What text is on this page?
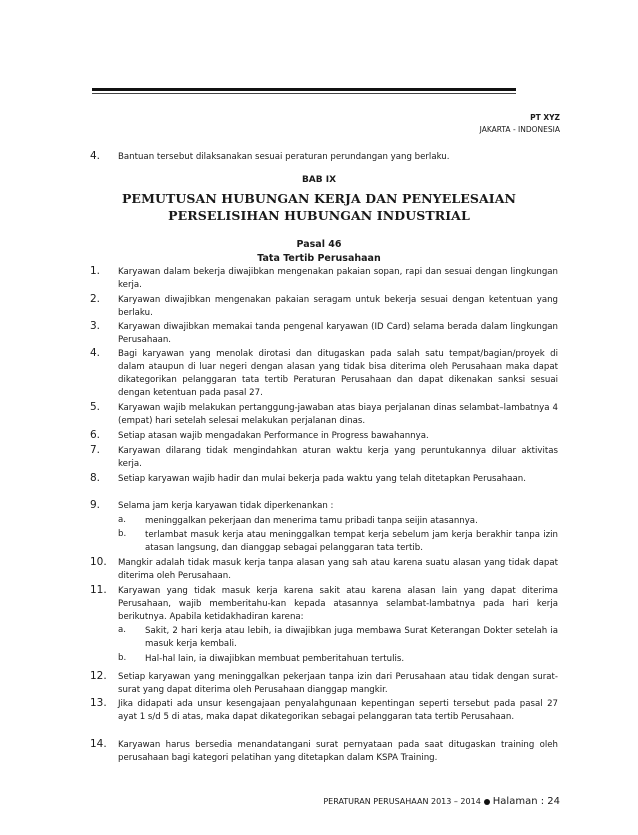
PT XYZ
JAKARTA - INDONESIA
4. Bantuan tersebut dilaksanakan sesuai peraturan perundangan yang berlaku.
BAB IX
PEMUTUSAN HUBUNGAN KERJA DAN PENYELESAIAN
PERSELISIHAN HUBUNGAN INDUSTRIAL
Pasal 46
Tata Tertib Perusahaan
1. Karyawan dalam bekerja diwajibkan mengenakan pakaian sopan, rapi dan sesuai dengan lingkungan kerja.
2. Karyawan diwajibkan mengenakan pakaian seragam untuk bekerja sesuai dengan ketentuan yang berlaku.
3. Karyawan diwajibkan memakai tanda pengenal karyawan (ID Card) selama berada dalam lingkungan Perusahaan.
4. Bagi karyawan yang menolak dirotasi dan ditugaskan pada salah satu tempat/bagian/proyek di dalam ataupun di luar negeri dengan alasan yang tidak bisa diterima oleh Perusahaan maka dapat dikategorikan pelanggaran tata tertib Peraturan Perusahaan dan dapat dikenakan sanksi sesuai dengan ketentuan pada pasal 27.
5. Karyawan wajib melakukan pertanggung-jawaban atas biaya perjalanan dinas selambat–lambatnya 4 (empat) hari setelah selesai melakukan perjalanan dinas.
6. Setiap atasan wajib mengadakan Performance in Progress bawahannya.
7. Karyawan dilarang tidak mengindahkan aturan waktu kerja yang peruntukannya diluar aktivitas kerja.
8. Setiap karyawan wajib hadir dan mulai bekerja pada waktu yang telah ditetapkan Perusahaan.
9. Selama jam kerja karyawan tidak diperkenankan :
a. meninggalkan pekerjaan dan menerima tamu pribadi tanpa seijin atasannya.
b. terlambat masuk kerja atau meninggalkan tempat kerja sebelum jam kerja berakhir tanpa izin atasan langsung, dan dianggap sebagai pelanggaran tata tertib.
10. Mangkir adalah tidak masuk kerja tanpa alasan yang sah atau karena suatu alasan yang tidak dapat diterima oleh Perusahaan.
11. Karyawan yang tidak masuk kerja karena sakit atau karena alasan lain yang dapat diterima Perusahaan, wajib memberitahu-kan kepada atasannya selambat-lambatnya pada hari kerja berikutnya. Apabila ketidakhadiran karena:
a. Sakit, 2 hari kerja atau lebih, ia diwajibkan juga membawa Surat Keterangan Dokter setelah ia masuk kerja kembali.
b. Hal-hal lain, ia diwajibkan membuat pemberitahuan tertulis.
12. Setiap karyawan yang meninggalkan pekerjaan tanpa izin dari Perusahaan atau tidak dengan surat-surat yang dapat diterima oleh Perusahaan dianggap mangkir.
13. Jika didapati ada unsur kesengajaan penyalahgunaan kepentingan seperti tersebut pada pasal 27 ayat 1 s/d 5 di atas, maka dapat dikategorikan sebagai pelanggaran tata tertib Perusahaan.
14. Karyawan harus bersedia menandatangani surat pernyataan pada saat ditugaskan training oleh perusahaan bagi kategori pelatihan yang ditetapkan dalam KSPA Training.
PERATURAN PERUSAHAAN 2013 – 2014 Halaman : 24
